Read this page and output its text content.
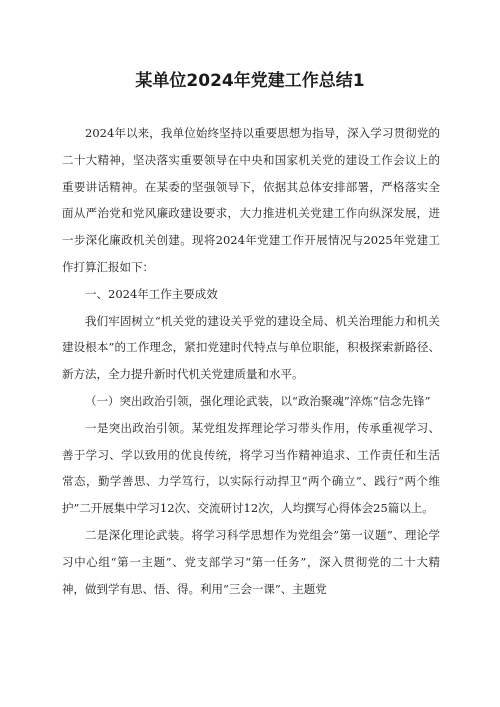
某单位2024年党建工作总结1

2024年以来，我单位始终坚持以重要思想为指导，深入学习贯彻党的二十大精神，坚决落实重要领导在中央和国家机关党的建设工作会议上的重要讲话精神。在某委的坚强领导下，依据其总体安排部署，严格落实全面从严治党和党风廉政建设要求，大力推进机关党建工作向纵深发展，进一步深化廉政机关创建。现将2024年党建工作开展情况与2025年党建工作打算汇报如下：

一、2024年工作主要成效

我们牢固树立“机关党的建设关乎党的建设全局、机关治理能力和机关建设根本”的工作理念，紧扣党建时代特点与单位职能，积极探索新路径、新方法，全力提升新时代机关党建质量和水平。

（一）突出政治引领，强化理论武装，以“政治聚魂”淬炼“信念先锋”

一是突出政治引领。某党组发挥理论学习带头作用，传承重视学习、善于学习、学以致用的优良传统，将学习当作精神追求、工作责任和生活常态，勤学善思、力学笃行，以实际行动捍卫“两个确立”、践行“两个维护”二开展集中学习12次、交流研讨12次，人均撰写心得体会25篇以上。

二是深化理论武装。将学习科学思想作为党组会”第一议题”、理论学习中心组“第一主题”、党支部学习“第一任务”，深入贯彻党的二十大精神，做到学有思、悟、得。利用“三会一课”、主题党
